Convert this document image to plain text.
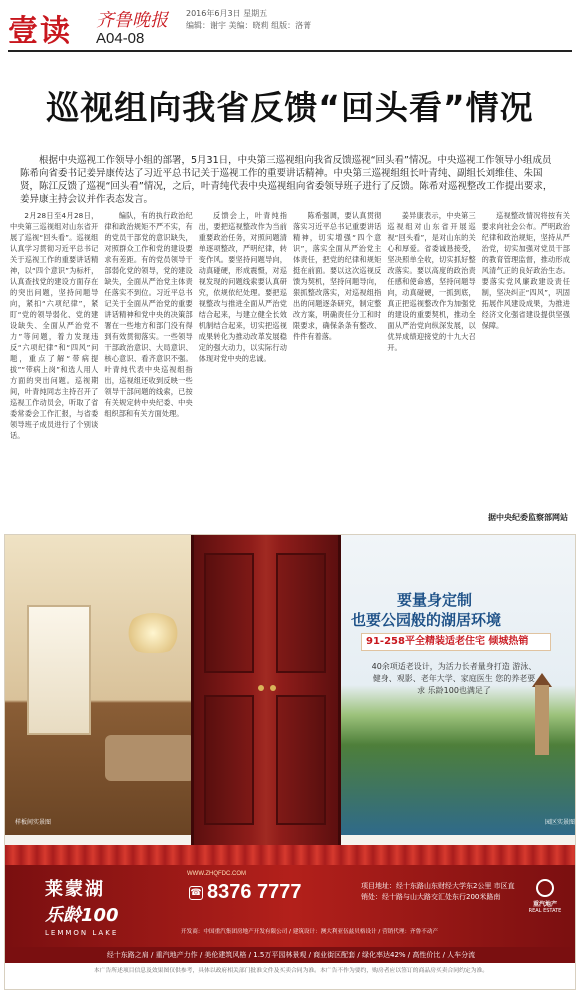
壹读 齐鲁晚报
A04-08
2016年6月3日 星期五
编辑：谢宇 美编：晓莉 组版：洛菁
巡视组向我省反馈“回头看”情况

根据中央巡视工作领导小组的部署，5月31日，中央第三巡视组向我省反馈巡视“回头看”情况。中央巡视工作领导小组成员陈希向省委书记姜异康传达了习近平总书记关于巡视工作的重要讲话精神。中央第三巡视组组长叶青纯、副组长刘维佳、朱国贤，陈江反馈了巡视“回头看”情况，之后，叶青纯代表中央巡视组向省委领导班子进行了反馈。陈希对巡视整改工作提出要求，姜异康主持会议并作表态发言。

2月28日至4月28日，中央第三巡视组对山东省开展了巡视“回头看”。巡视组认真学习贯彻习近平总书记关于巡视工作的重要讲话精神，以“四个意识”为标杆，认真查找党的建设方面存在的突出问题，坚持问题导向，紧扣“六项纪律”，紧盯“党的领导弱化、党的建设缺失、全面从严治党不力”等问题，着力发现违反“六项纪律”和“四风”问题，重点了解“带病提拔”“带病上岗”和选人用人方面的突出问题。巡视期间，叶青纯同志主持召开了巡视工作动员会，听取了省委常委会工作汇报，与省委领导班子成员进行了个别谈话。

编队，有的执行政治纪律和政治规矩不严不实，有的党员干部党的意识缺失，对照群众工作和党的建设要求有差距。有的党员领导干部弱化党的领导，党的建设缺失，全面从严治党主体责任落实不到位。习近平总书记关于全面从严治党的重要讲话精神和党中央的决策部署在一些地方和部门没有得到有效贯彻落实。一些领导干部政治意识、大局意识、核心意识、看齐意识不强。叶青纯代表中央巡视组指出，巡视组还收到反映一些领导干部问题的线索，已按有关规定转中央纪委、中央组织部和有关方面处理。

反馈会上，叶青纯指出，要把巡视整改作为当前重要政治任务，对照问题清单逐项整改，严明纪律，转变作风。要坚持问题导向，动真碰硬，形成震慑，对巡视发现的问题线索要认真研究，依规依纪处理。要把巡视整改与推进全面从严治党结合起来，与建立健全长效机制结合起来，切实把巡视成果转化为推动改革发展稳定的强大动力，以实际行动体现对党中央的忠诚。

陈希强调，要认真贯彻落实习近平总书记重要讲话精神，切实增强“四个意识”，落实全面从严治党主体责任，把党的纪律和规矩挺在前面。要以这次巡视反馈为契机，坚持问题导向，狠抓整改落实，对巡视组指出的问题逐条研究，制定整改方案，明确责任分工和时限要求，确保条条有整改、件件有着落。

姜异康表示，中央第三巡视组对山东省开展巡视“回头看”，是对山东的关心和厚爱。省委诚恳接受，坚决照单全收，切实抓好整改落实。要以高度的政治责任感和使命感，坚持问题导向，动真碰硬，一抓到底，真正把巡视整改作为加强党的建设的重要契机，推动全面从严治党向纵深发展，以优异成绩迎接党的十九大召开。

巡视整改情况将按有关要求向社会公布。严明政治纪律和政治规矩，坚持从严治党，切实加强对党员干部的教育管理监督，推动形成风清气正的良好政治生态。要落实党风廉政建设责任制，坚决纠正“四风”，巩固拓展作风建设成果，为推进经济文化强省建设提供坚强保障。

据中央纪委监察部网站
样板间实景图	园区实景图
要量身定制
也要公园般的湖居环境
91-258平全精装适老住宅 倾城热销
40余项适老设计，为活力长者量身打造 游泳、健身、观影、老年大学、家庭医生 您的养老要求 乐龄100也满足了
莱蒙湖
乐龄100
LEMMON LAKE
WWW.ZHQFDC.COM
☎ 8376 7777	项目地址：经十东路山东财经大学东2公里 市区直销处：经十路与山大路交汇处东行200米路南
重汽地产
REAL ESTATE
开发商：中国重汽集团房地产开发有限公司 / 建筑设计：澳大利亚伍兹贝格设计 / 营销代理：齐鲁不动产
经十东路之肩 / 重汽地产力作 / 美伦建筑风格 / 1.5万平园林景观 / 商业街区配套 / 绿化率达42% / 高性价比 / 人车分流
本广告所述项目信息及效果图仅供参考，具体以政府相关部门批准文件及买卖合同为准。本广告不作为要约，购房者应以签订的商品房买卖合同约定为准。
